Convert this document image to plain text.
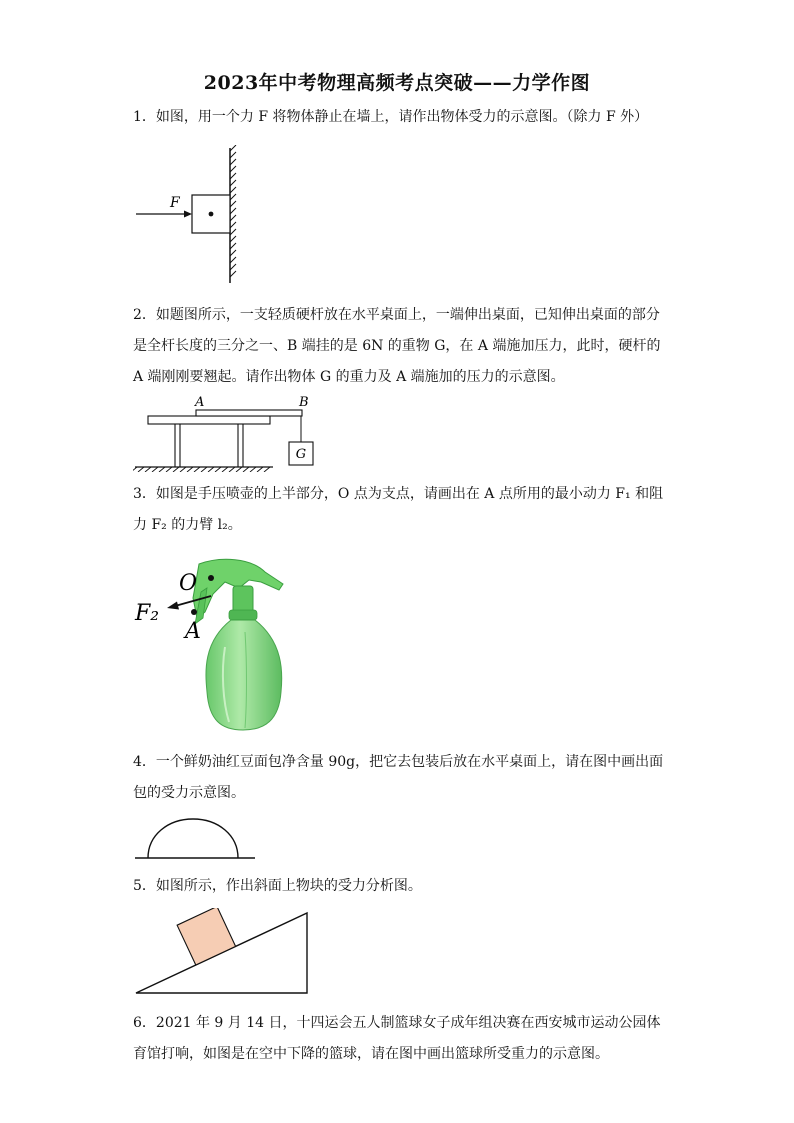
2023年中考物理高频考点突破——力学作图
1．如图，用一个力 F 将物体静止在墙上，请作出物体受力的示意图。（除力 F 外）
F
2．如题图所示，一支轻质硬杆放在水平桌面上，一端伸出桌面，已知伸出桌面的部分是全杆长度的三分之一、B 端挂的是 6N 的重物 G，在 A 端施加压力，此时，硬杆的 A 端刚刚要翘起。请作出物体 G 的重力及 A 端施加的压力的示意图。
G
A	B
3．如图是手压喷壶的上半部分，O 点为支点，请画出在 A 点所用的最小动力 F₁ 和阻力 F₂ 的力臂 l₂。
O
A
F₂
4．一个鲜奶油红豆面包净含量 90g，把它去包装后放在水平桌面上，请在图中画出面包的受力示意图。
5．如图所示，作出斜面上物块的受力分析图。
6．2021 年 9 月 14 日，十四运会五人制篮球女子成年组决赛在西安城市运动公园体育馆打响，如图是在空中下降的篮球，请在图中画出篮球所受重力的示意图。
